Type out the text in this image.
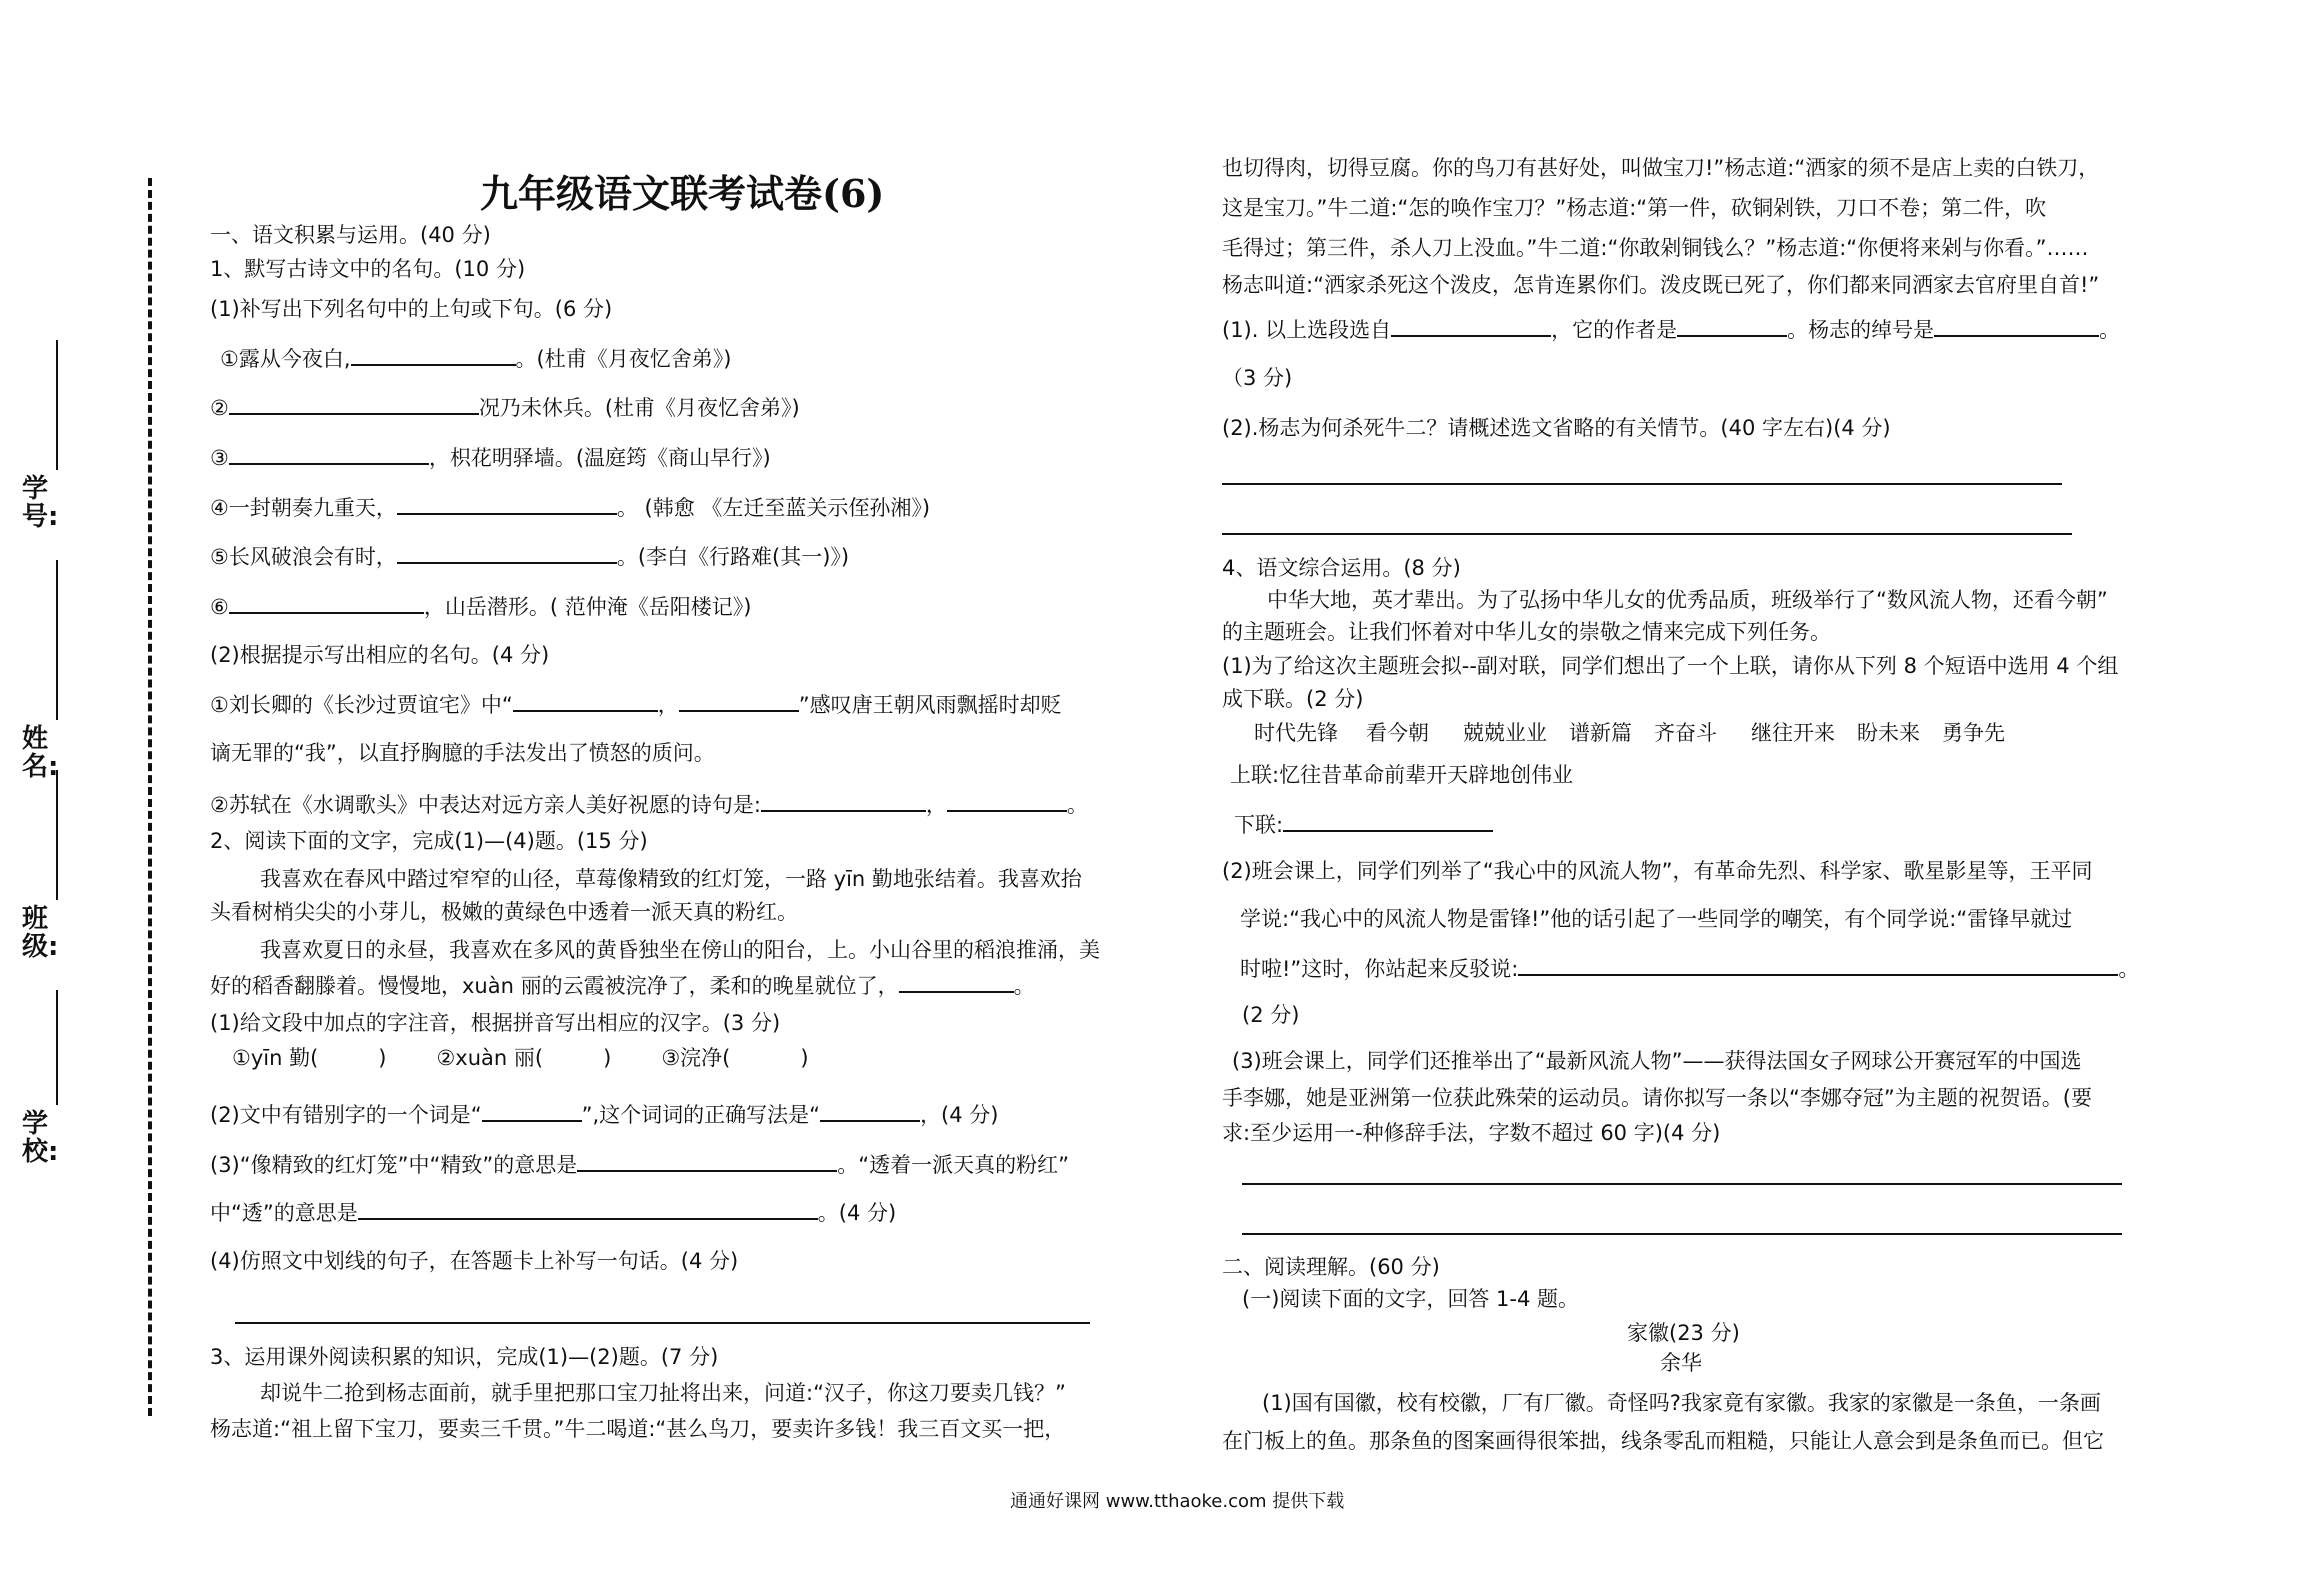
学号:
姓名:
班级:
学校:
九年级语文联考试卷(6)

一、语文积累与运用。(40 分)

1、默写古诗文中的名句。(10 分)

(1)补写出下列名句中的上句或下句。(6 分)

①露从今夜白,	。(杜甫《月夜忆舍弟》)

②	况乃未休兵。(杜甫《月夜忆舍弟》)

③	，枳花明驿墙。(温庭筠《商山早行》)

④一封朝奏九重天，	。 (韩愈 《左迁至蓝关示侄孙湘》)

⑤长风破浪会有时，	。(李白《行路难(其一)》)

⑥	，山岳潜形。( 范仲淹《岳阳楼记》)

(2)根据提示写出相应的名句。(4 分)

①刘长卿的《长沙过贾谊宅》中“	，	”感叹唐王朝风雨飘摇时却贬

谪无罪的“我”，以直抒胸臆的手法发出了愤怒的质问。

②苏轼在《水调歌头》中表达对远方亲人美好祝愿的诗句是:	，	。

2、阅读下面的文字，完成(1)—(4)题。(15 分)

我喜欢在春风中踏过窄窄的山径，草莓像精致的红灯笼，一路 yīn 勤地张结着。我喜欢抬

头看树梢尖尖的小芽儿，极嫩的黄绿色中透着一派天真的粉红。

我喜欢夏日的永昼，我喜欢在多风的黄昏独坐在傍山的阳台，上。小山谷里的稻浪推涌，美

好的稻香翻滕着。慢慢地，xuàn 丽的云霞被浣净了，柔和的晚星就位了，	。

(1)给文段中加点的字注音，根据拼音写出相应的汉字。(3 分)

①yīn 勤(	) ②xuàn 丽(	) ③浣净(	)

(2)文中有错别字的一个词是“	”,这个词词的正确写法是“	，(4 分)

(3)“像精致的红灯笼”中“精致”的意思是	。“透着一派天真的粉红”

中“透”的意思是	。(4 分)

(4)仿照文中划线的句子，在答题卡上补写一句话。(4 分)

3、运用课外阅读积累的知识，完成(1)—(2)题。(7 分)

却说牛二抢到杨志面前，就手里把那口宝刀扯将出来，问道:“汉子，你这刀要卖几钱？”

杨志道:“祖上留下宝刀，要卖三千贯。”牛二喝道:“甚么鸟刀，要卖许多钱！我三百文买一把，

也切得肉，切得豆腐。你的鸟刀有甚好处，叫做宝刀!”杨志道:“洒家的须不是店上卖的白铁刀，

这是宝刀。”牛二道:“怎的唤作宝刀？”杨志道:“第一件，砍铜剁铁，刀口不卷；第二件，吹

毛得过；第三件，杀人刀上没血。”牛二道:“你敢剁铜钱么？”杨志道:“你便将来剁与你看。”……

杨志叫道:“洒家杀死这个泼皮，怎肯连累你们。泼皮既已死了，你们都来同洒家去官府里自首!”

(1). 以上选段选自	，它的作者是	。杨志的绰号是	。

（3 分)

(2).杨志为何杀死牛二？请概述选文省略的有关情节。(40 字左右)(4 分)

4、语文综合运用。(8 分)

中华大地，英才辈出。为了弘扬中华儿女的优秀品质，班级举行了“数风流人物，还看今朝”

的主题班会。让我们怀着对中华儿女的崇敬之情来完成下列任务。

(1)为了给这次主题班会拟--副对联，同学们想出了一个上联，请你从下列 8 个短语中选用 4 个组

成下联。(2 分)

时代先锋 看今朝 兢兢业业 谱新篇 齐奋斗 继往开来 盼未来 勇争先

上联:忆往昔革命前辈开天辟地创伟业

下联:

(2)班会课上，同学们列举了“我心中的风流人物”，有革命先烈、科学家、歌星影星等，王平同

学说:“我心中的风流人物是雷锋!”他的话引起了一些同学的嘲笑，有个同学说:“雷锋早就过

时啦!”这时，你站起来反驳说:	。

(2 分)

(3)班会课上，同学们还推举出了“最新风流人物”——获得法国女子网球公开赛冠军的中国选

手李娜，她是亚洲第一位获此殊荣的运动员。请你拟写一条以“李娜夺冠”为主题的祝贺语。(要

求:至少运用一-种修辞手法，字数不超过 60 字)(4 分)

二、阅读理解。(60 分)

(一)阅读下面的文字，回答 1-4 题。

家徽(23 分)

余华

(1)国有国徽，校有校徽，厂有厂徽。奇怪吗?我家竟有家徽。我家的家徽是一条鱼，一条画

在门板上的鱼。那条鱼的图案画得很笨拙，线条零乱而粗糙，只能让人意会到是条鱼而已。但它

通通好课网 www.tthaoke.com 提供下载
